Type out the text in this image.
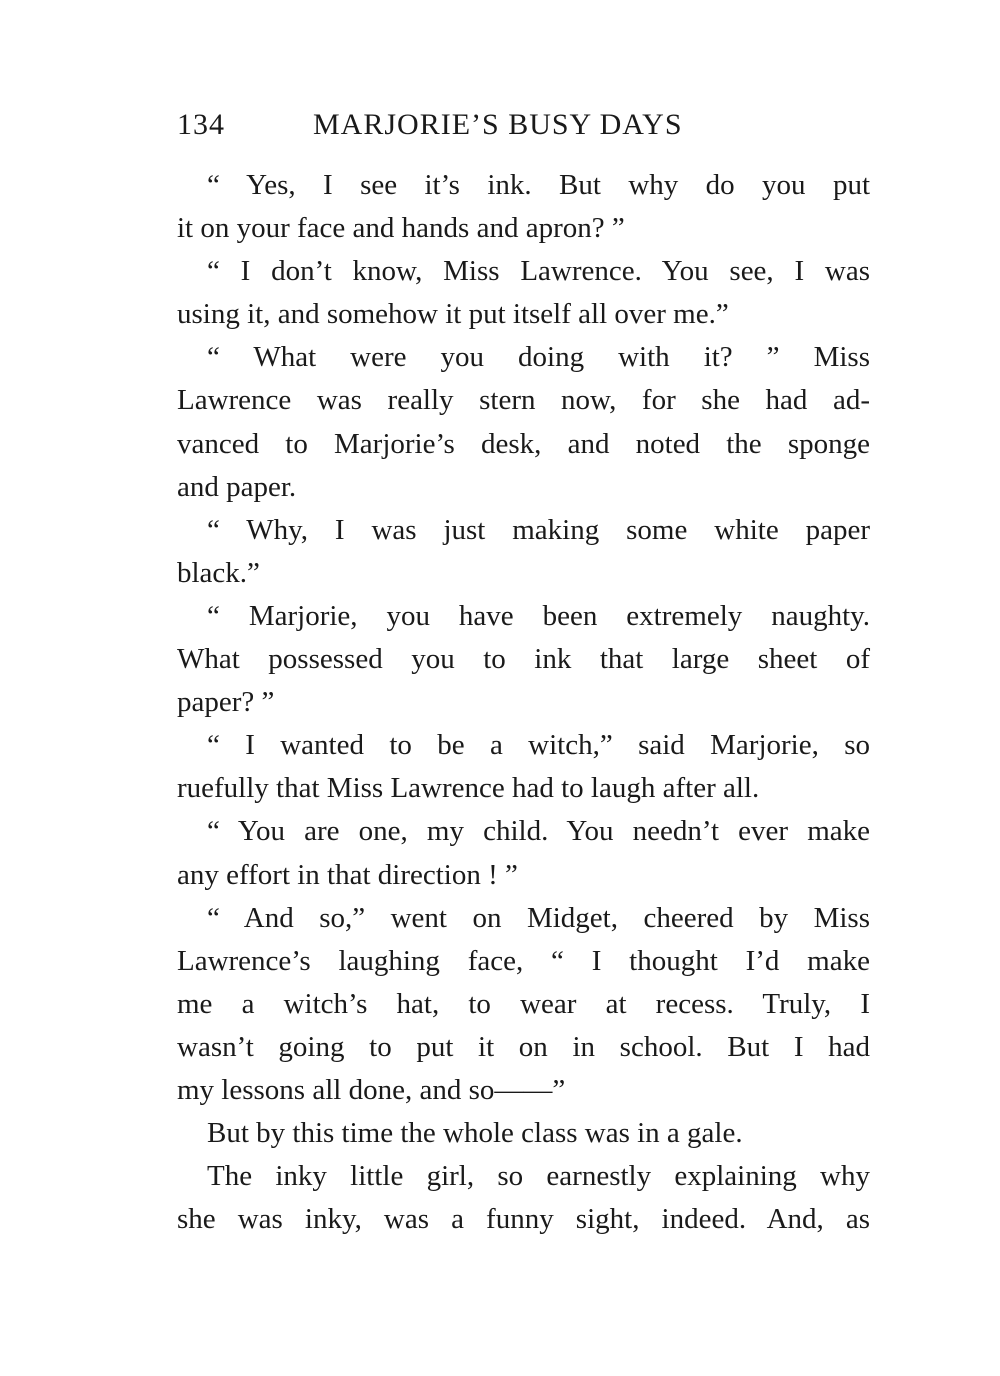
134	MARJORIE’S BUSY DAYS

“ Yes, I see it’s ink. But why do you put
it on your face and hands and apron? ”

“ I don’t know, Miss Lawrence. You see, I was
using it, and somehow it put itself all over me.”

“ What were you doing with it? ” Miss
Lawrence was really stern now, for she had ad-
vanced to Marjorie’s desk, and noted the sponge
and paper.

“ Why, I was just making some white paper
black.”

“ Marjorie, you have been extremely naughty.
What possessed you to ink that large sheet of
paper? ”

“ I wanted to be a witch,” said Marjorie, so
ruefully that Miss Lawrence had to laugh after all.

“ You are one, my child. You needn’t ever make
any effort in that direction ! ”

“ And so,” went on Midget, cheered by Miss
Lawrence’s laughing face, “ I thought I’d make
me a witch’s hat, to wear at recess. Truly, I
wasn’t going to put it on in school. But I had
my lessons all done, and so——”

But by this time the whole class was in a gale.

The inky little girl, so earnestly explaining why
she was inky, was a funny sight, indeed. And, as
